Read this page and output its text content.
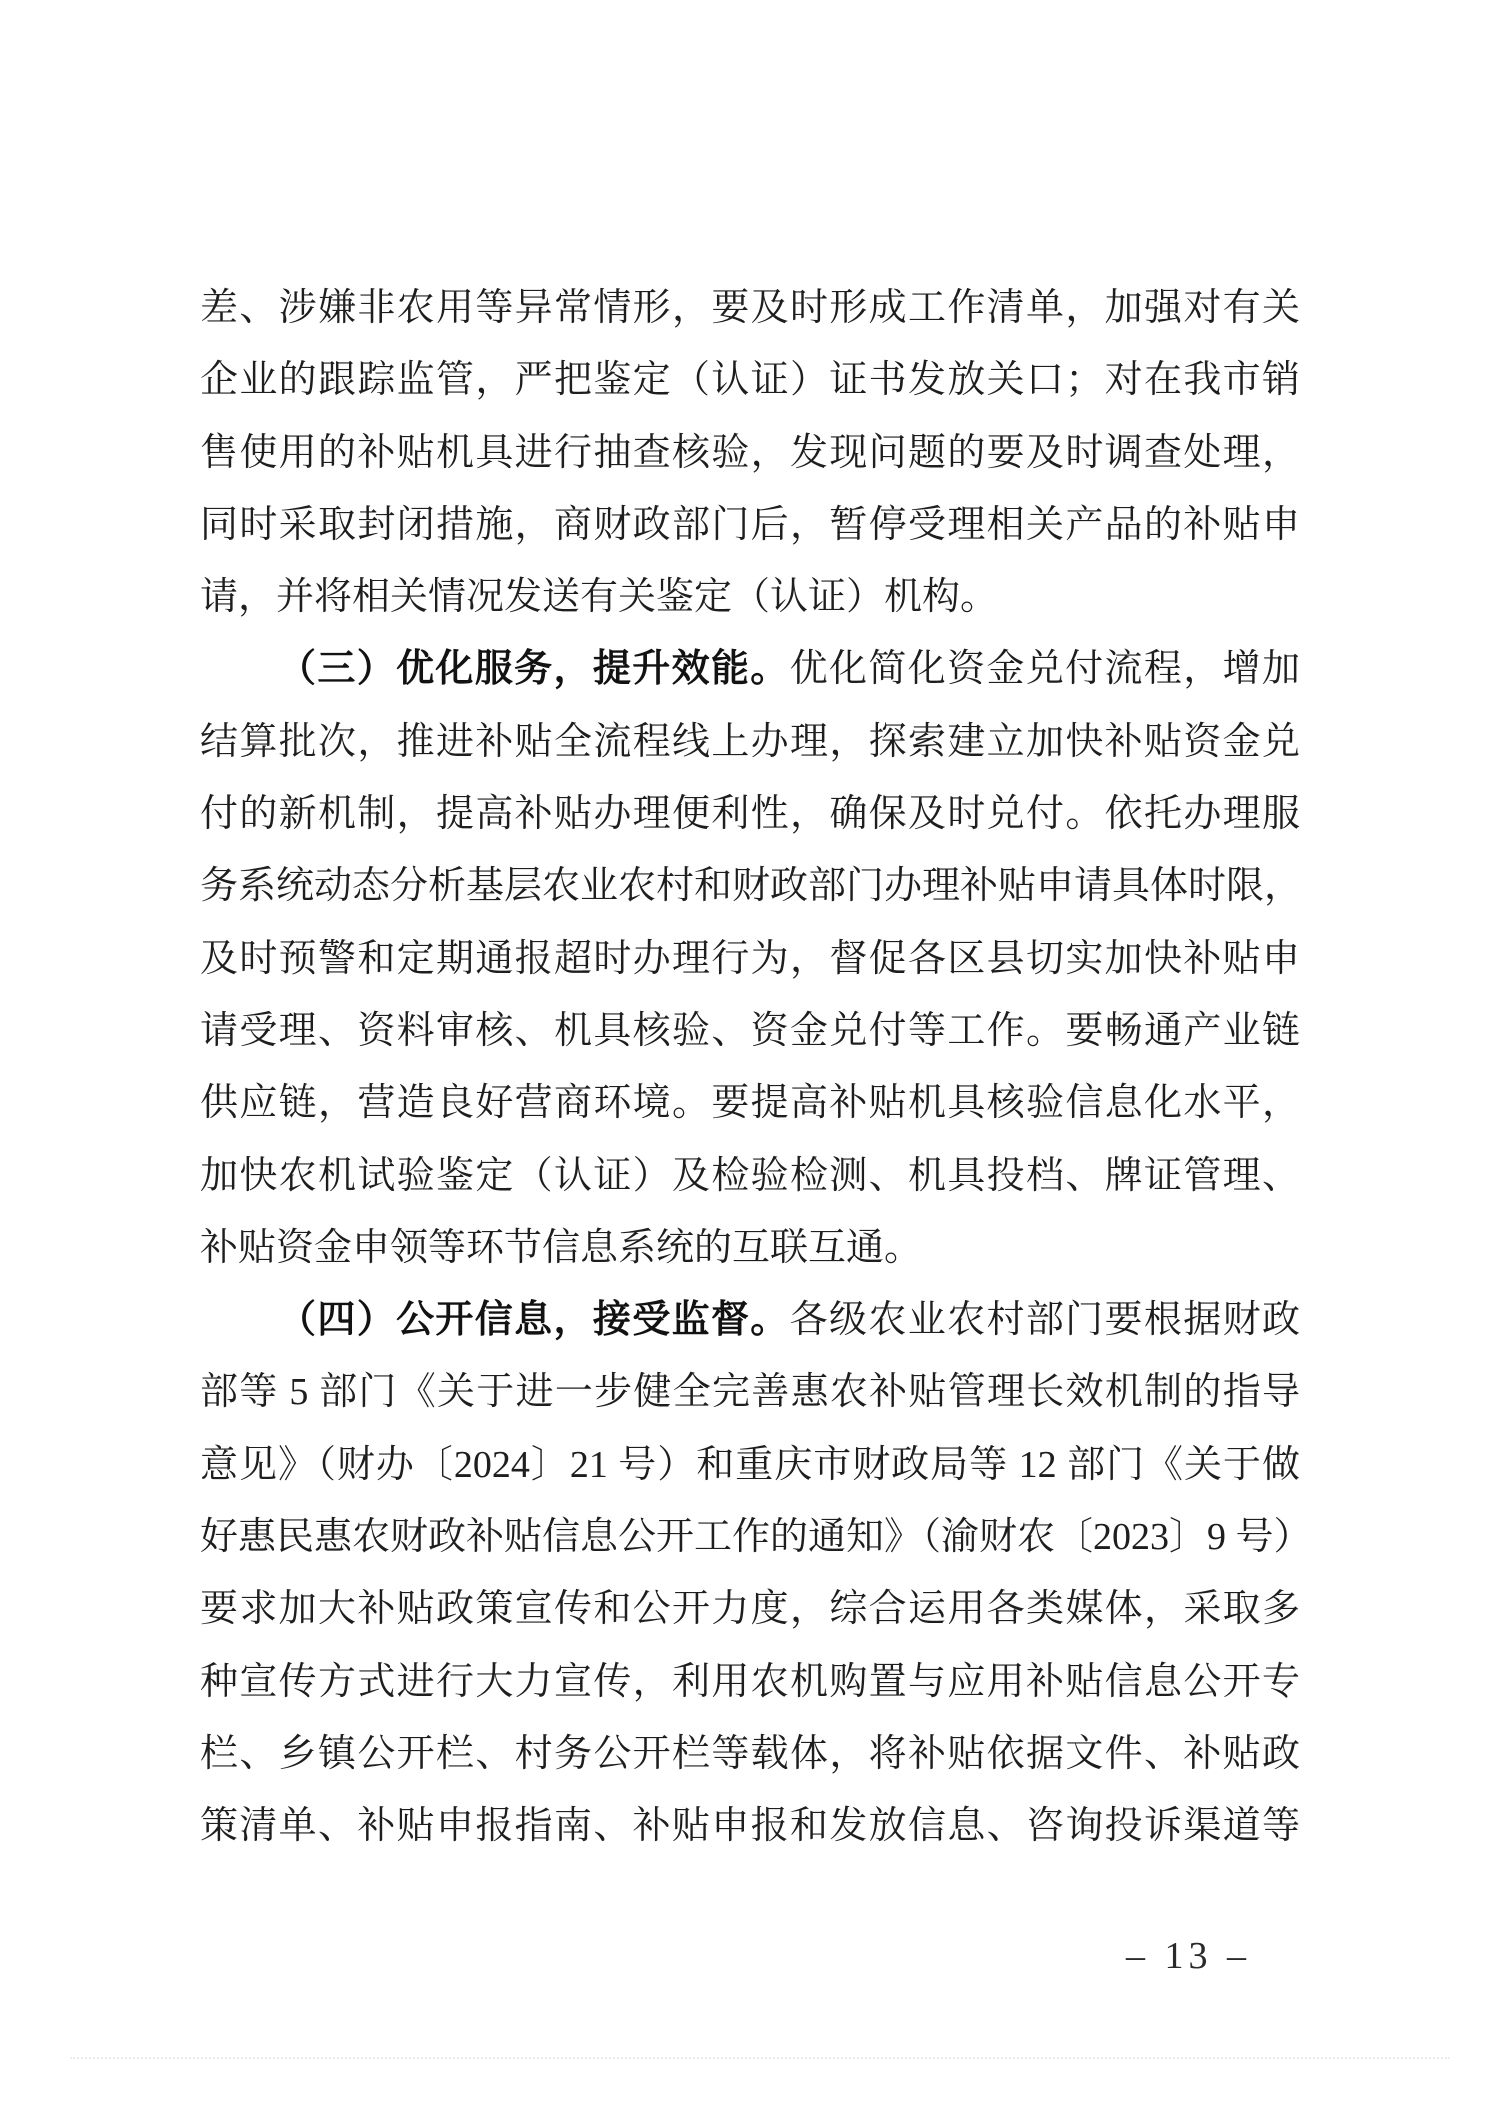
差、涉嫌非农用等异常情形，要及时形成工作清单，加强对有关
企业的跟踪监管，严把鉴定（认证）证书发放关口；对在我市销
售使用的补贴机具进行抽查核验，发现问题的要及时调查处理，
同时采取封闭措施，商财政部门后，暂停受理相关产品的补贴申
请，并将相关情况发送有关鉴定（认证）机构。
（三）优化服务，提升效能。优化简化资金兑付流程，增加
结算批次，推进补贴全流程线上办理，探索建立加快补贴资金兑
付的新机制，提高补贴办理便利性，确保及时兑付。依托办理服
务系统动态分析基层农业农村和财政部门办理补贴申请具体时限，
及时预警和定期通报超时办理行为，督促各区县切实加快补贴申
请受理、资料审核、机具核验、资金兑付等工作。要畅通产业链
供应链，营造良好营商环境。要提高补贴机具核验信息化水平，
加快农机试验鉴定（认证）及检验检测、机具投档、牌证管理、
补贴资金申领等环节信息系统的互联互通。
（四）公开信息，接受监督。各级农业农村部门要根据财政
部等 5 部门《关于进一步健全完善惠农补贴管理长效机制的指导
意见》（财办〔2024〕21 号）和重庆市财政局等 12 部门《关于做
好惠民惠农财政补贴信息公开工作的通知》（渝财农〔2023〕9 号）
要求加大补贴政策宣传和公开力度，综合运用各类媒体，采取多
种宣传方式进行大力宣传，利用农机购置与应用补贴信息公开专
栏、乡镇公开栏、村务公开栏等载体，将补贴依据文件、补贴政
策清单、补贴申报指南、补贴申报和发放信息、咨询投诉渠道等
– 13 –
